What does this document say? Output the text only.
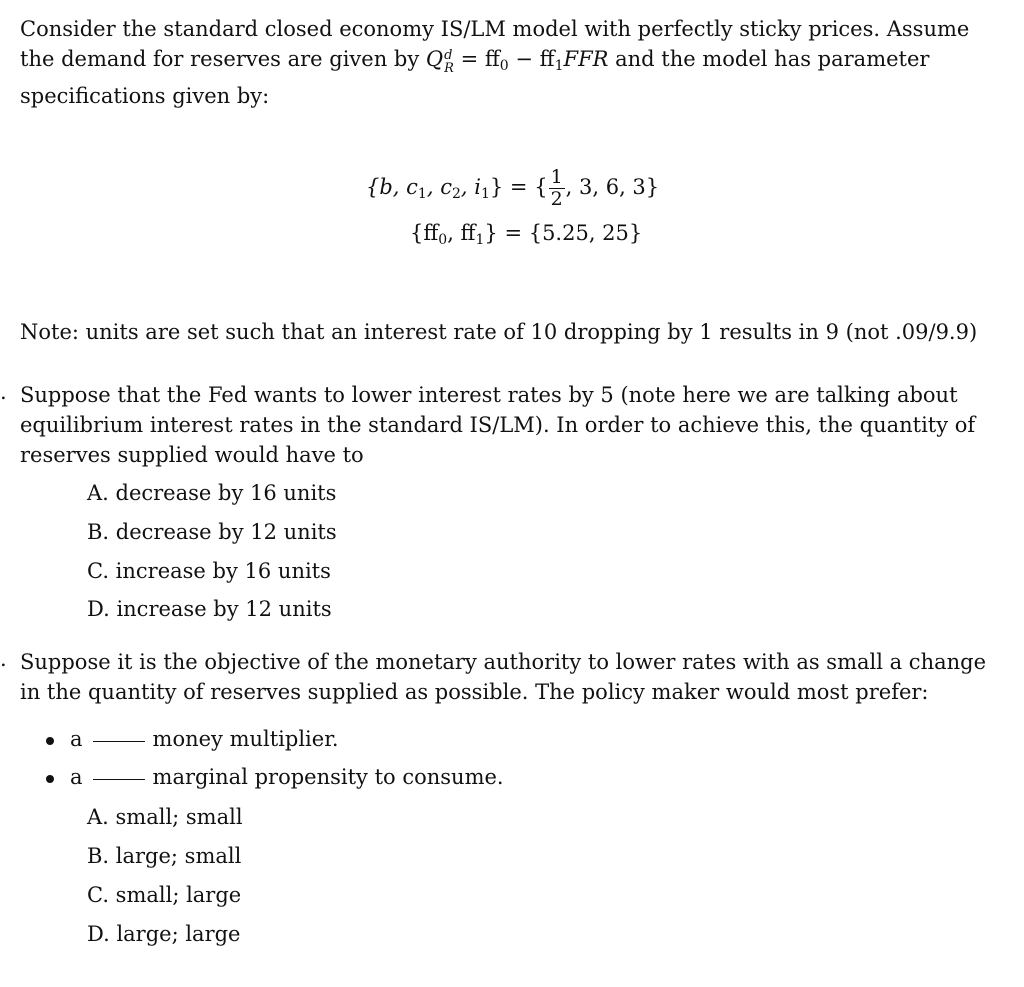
Consider the standard closed economy IS/LM model with perfectly sticky prices. Assume
the demand for reserves are given by Q d
$R = ff_0 - ff_1FFR$ and the model has parameter
specifications given by:
{b, $c_1$, $c_2$, $i_1$} = { $\frac{1}{2}$ , 3, 6, 3}
{$ff_0$, $ff_1\} = \{5.25$, 25}
Note: units are set such that an interest rate of 10 dropping by 1 results in 9 (not .09/9.9)
. Suppose that the Fed wants to lower interest rates by 5 (note here we are talking about
equilibrium interest rates in the standard IS/LM). In order to achieve this, the quantity of
reserves supplied would have to
A. decrease by 16 units
B. decrease by 12 units
C. increase by 16 units
D. increase by 12 units
. Suppose it is the objective of the monetary authority to lower rates with as small a change
in the quantity of reserves supplied as possible. The policy maker would most prefer:
a	money multiplier.
a	marginal propensity to consume.
A. small; small
B. large; small
C. small; large
D. large; large
